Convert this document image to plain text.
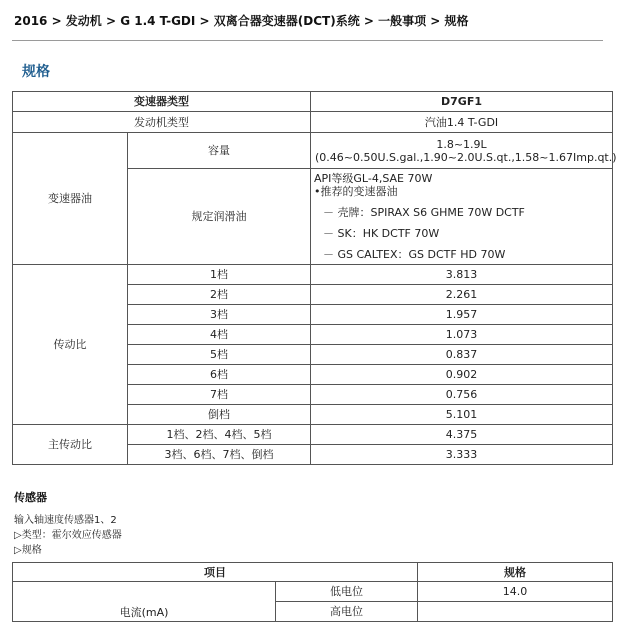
2016 > 发动机 > G 1.4 T-GDI > 双离合器变速器(DCT)系统 > 一般事项 > 规格
规格
变速器类型		D7GF1
发动机类型		汽油1.4 T-GDI
变速器油	容量	1.8~1.9L
(0.46~0.50U.S.gal.,1.90~2.0U.S.qt.,1.58~1.67Imp.qt.)

	规定润滑油	API等级GL-4,SAE 70W
•推荐的变速器油
－ 壳牌：SPIRAX S6 GHME 70W DCTF
－ SK：HK DCTF 70W
－ GS CALTEX：GS DCTF HD 70W

传动比	1档	3.813
	2档	2.261
	3档	1.957
	4档	1.073
	5档	0.837
	6档	0.902
	7档	0.756
	倒档	5.101
主传动比	1档、2档、4档、5档	4.375
	3档、6档、7档、倒档	3.333
传感器
输入轴速度传感器1、2
▷类型：霍尔效应传感器
▷规格
项目		规格
电流(mA)	低电位	14.0
	高电位	
